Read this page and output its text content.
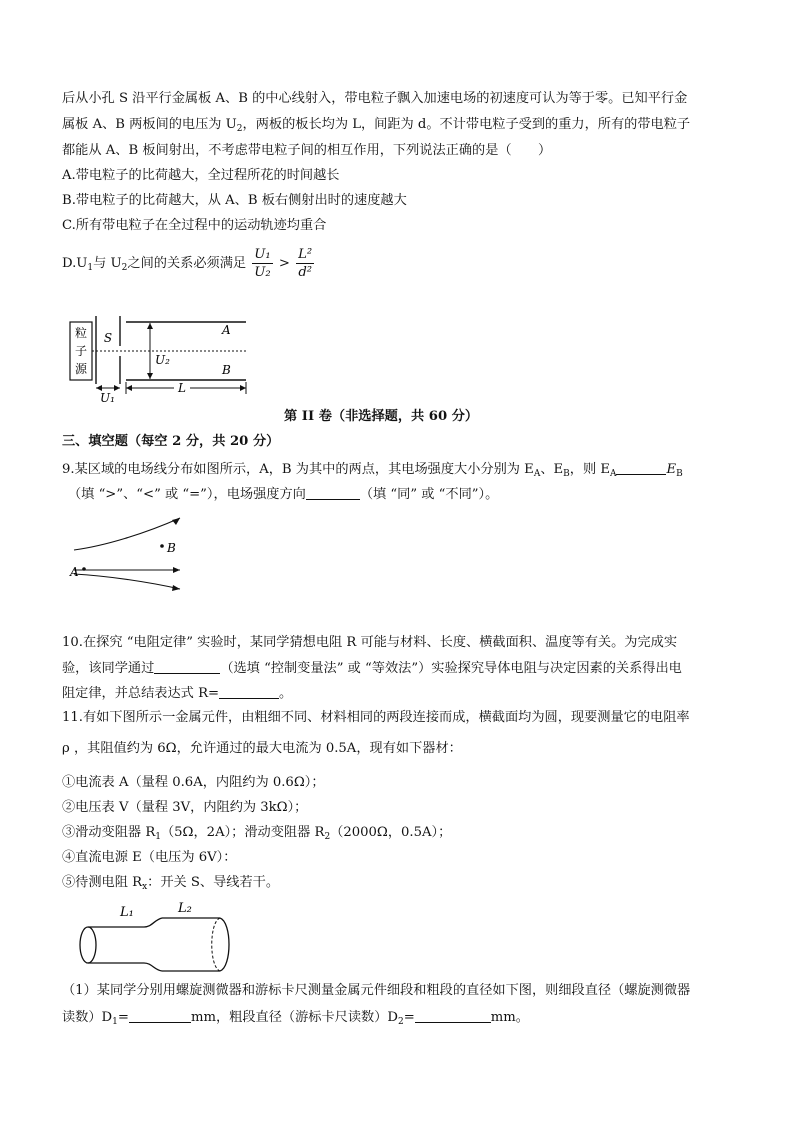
后从小孔 S 沿平行金属板 A、B 的中心线射入，带电粒子飘入加速电场的初速度可认为等于零。已知平行金
属板 A、B 两板间的电压为 $U_2$，两板的板长均为 L，间距为 d。不计带电粒子受到的重力，所有的带电粒子
都能从 A、B 板间射出，不考虑带电粒子间的相互作用，下列说法正确的是（　　）
A.带电粒子的比荷越大，全过程所花的时间越长
B.带电粒子的比荷越大，从 A、B 板右侧射出时的速度越大
C.所有带电粒子在全过程中的运动轨迹均重合
$D.U_1$与 $U_2$之间的关系必须满足 $\frac{\text{U₁}}{\text{U₂}} > \frac{\text{L²}}{\text{d²}}$
粒
子
源
S
A
B
U₂
U₁
L
第 II 卷（非选择题，共 60 分）
三、填空题（每空 2 分，共 20 分）
9.某区域的电场线分布如图所示，A，B 为其中的两点，其电场强度大小分别为 $E_A$、$E_B$，则 $E_A$	$E_B$
（填 “>”、“<” 或 “=”），电场强度方向	（填 “同” 或 “不同”）。
B
A
10.在探究 “电阻定律” 实验时，某同学猜想电阻 R 可能与材料、长度、横截面积、温度等有关。为完成实
验，该同学通过	（选填 “控制变量法” 或 “等效法”）实验探究导体电阻与决定因素的关系得出电
阻定律，并总结表达式 R=	。
11.有如下图所示一金属元件，由粗细不同、材料相同的两段连接而成，横截面均为圆，现要测量它的电阻率
ρ ，其阻值约为 6Ω，允许通过的最大电流为 0.5A，现有如下器材：
①电流表 A（量程 0.6A，内阻约为 0.6Ω）；
②电压表 V（量程 3V，内阻约为 3kΩ）；
③滑动变阻器 $R_1(5\Omega$，2A）；滑动变阻器 $R_2(2000\Omega$，0.5A）；
④直流电源 E（电压为 6V）：
⑤待测电阻 $R_x$：开关 S、导线若干。
L₁	L₂
（1）某同学分别用螺旋测微器和游标卡尺测量金属元件细段和粗段的直径如下图，则细段直径（螺旋测微器
读数）$D_1=$	mm，粗段直径（游标卡尺读数）$D_2=$	mm。
